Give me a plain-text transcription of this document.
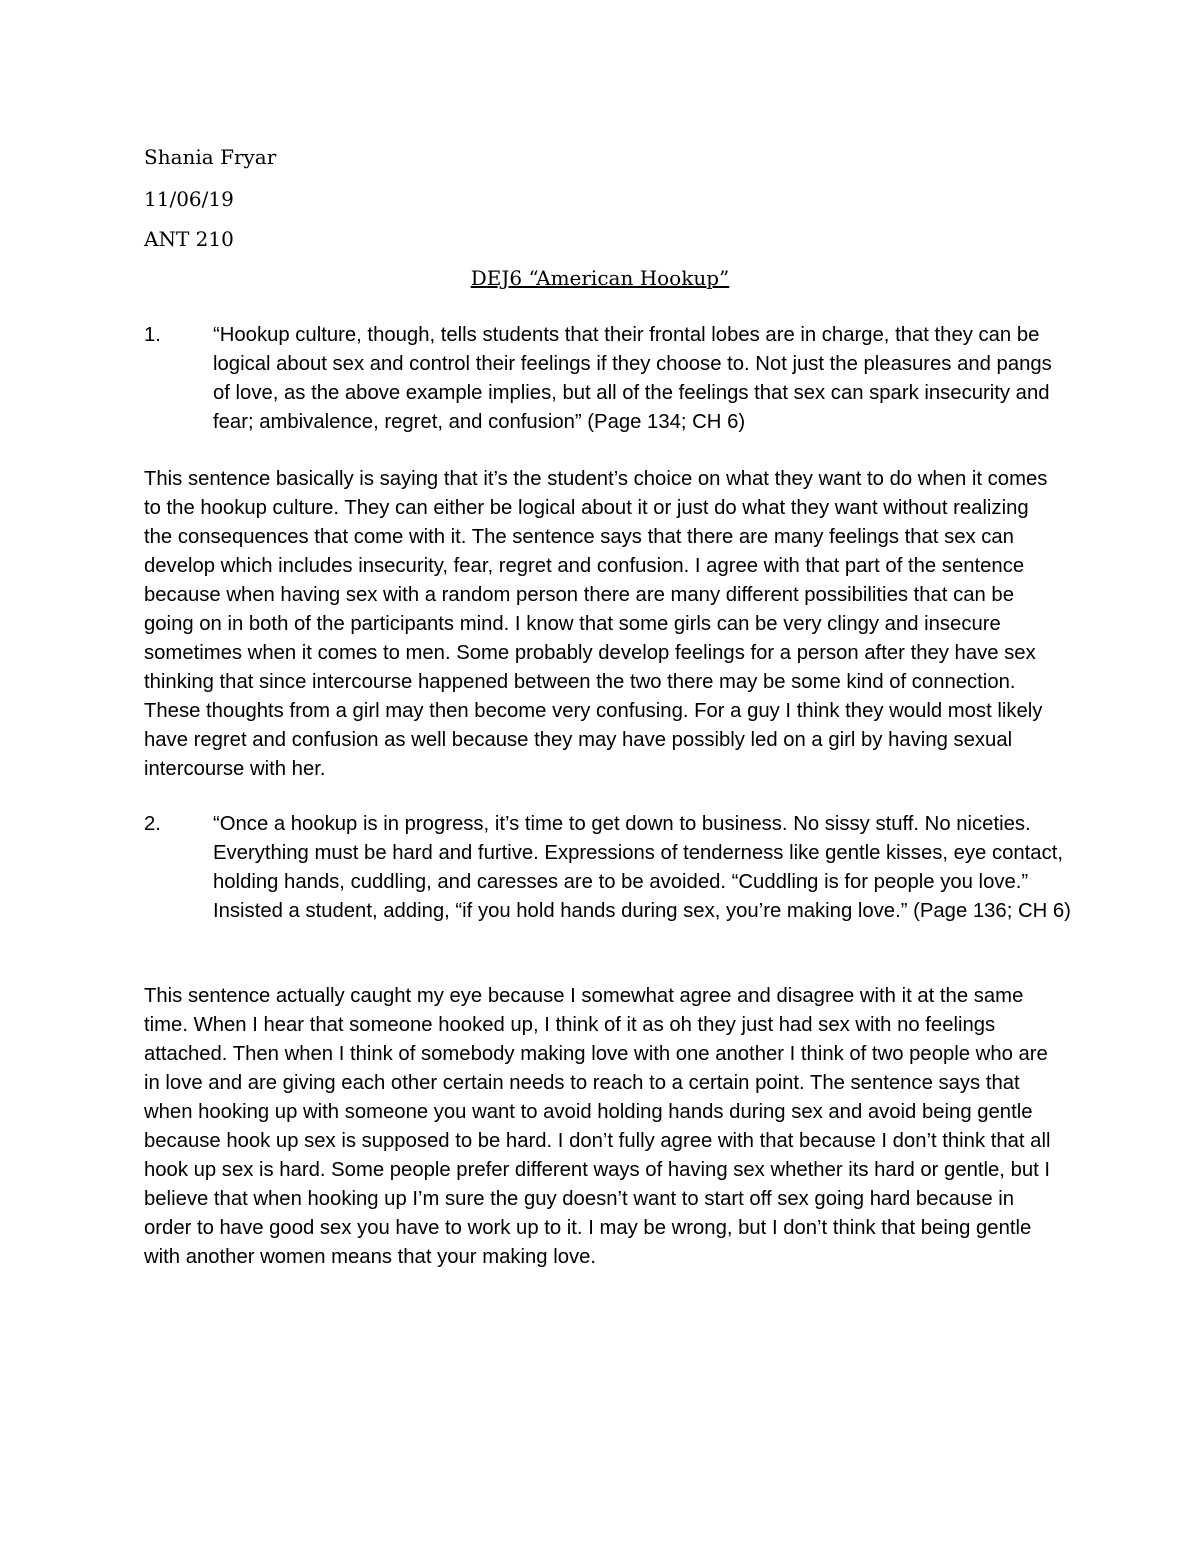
Shania Fryar
11/06/19
ANT 210
DEJ6 “American Hookup”
1.	“Hookup culture, though, tells students that their frontal lobes are in charge, that they can be logical about sex and control their feelings if they choose to. Not just the pleasures and pangs of love, as the above example implies, but all of the feelings that sex can spark insecurity and fear; ambivalence, regret, and confusion” (Page 134; CH 6)

This sentence basically is saying that it’s the student’s choice on what they want to do when it comes to the hookup culture. They can either be logical about it or just do what they want without realizing the consequences that come with it. The sentence says that there are many feelings that sex can develop which includes insecurity, fear, regret and confusion. I agree with that part of the sentence because when having sex with a random person there are many different possibilities that can be going on in both of the participants mind. I know that some girls can be very clingy and insecure sometimes when it comes to men. Some probably develop feelings for a person after they have sex thinking that since intercourse happened between the two there may be some kind of connection. These thoughts from a girl may then become very confusing. For a guy I think they would most likely have regret and confusion as well because they may have possibly led on a girl by having sexual intercourse with her.

2.	“Once a hookup is in progress, it’s time to get down to business. No sissy stuff. No niceties. Everything must be hard and furtive. Expressions of tenderness like gentle kisses, eye contact, holding hands, cuddling, and caresses are to be avoided. “Cuddling is for people you love.” Insisted a student, adding, “if you hold hands during sex, you’re making love.” (Page 136; CH 6)

This sentence actually caught my eye because I somewhat agree and disagree with it at the same time. When I hear that someone hooked up, I think of it as oh they just had sex with no feelings attached. Then when I think of somebody making love with one another I think of two people who are in love and are giving each other certain needs to reach to a certain point. The sentence says that when hooking up with someone you want to avoid holding hands during sex and avoid being gentle because hook up sex is supposed to be hard. I don’t fully agree with that because I don’t think that all hook up sex is hard. Some people prefer different ways of having sex whether its hard or gentle, but I believe that when hooking up I’m sure the guy doesn’t want to start off sex going hard because in order to have good sex you have to work up to it. I may be wrong, but I don’t think that being gentle with another women means that your making love.
